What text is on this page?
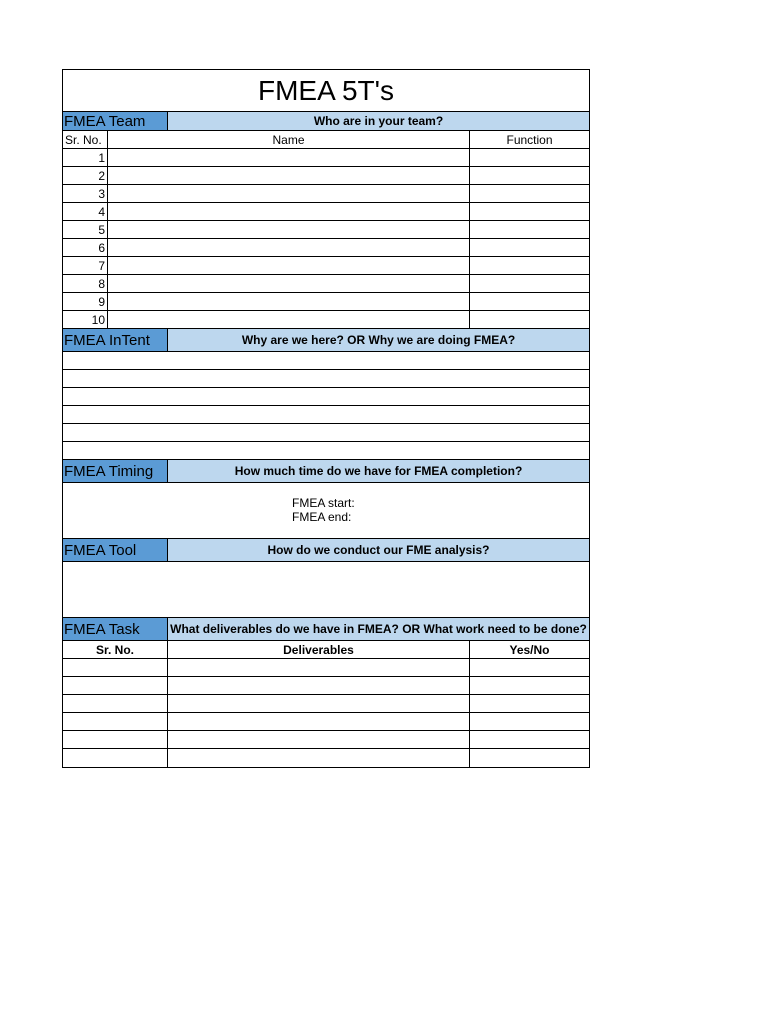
FMEA 5T's
FMEA Team	Who are in your team?
Sr. No.	Name	Function
1
2
3
4
5
6
7
8
9
10
FMEA InTent	Why are we here? OR Why we are doing FMEA?
FMEA Timing	How much time do we have for FMEA completion?
FMEA start:
FMEA end:
FMEA Tool	How do we conduct our FME analysis?
FMEA Task	What deliverables do we have in FMEA? OR What work need to be done?
Sr. No.	Deliverables	Yes/No
